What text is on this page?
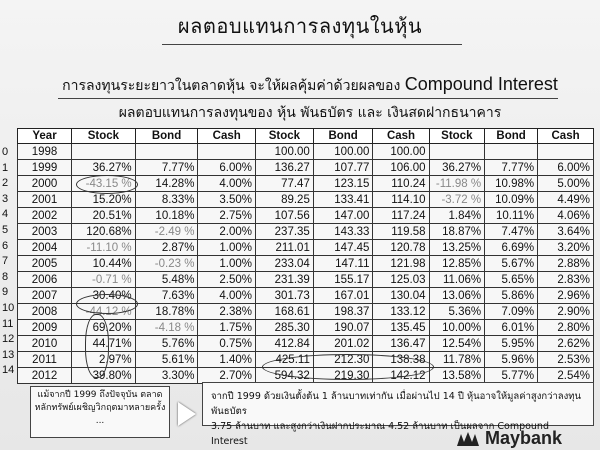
ผลตอบแทนการลงทุนในหุ้น
การลงทุนระยะยาวในตลาดหุ้น จะให้ผลคุ้มค่าด้วยผลของ Compound Interest
ผลตอบแทนการลงทุนของ หุ้น พันธบัตร และ เงินสดฝากธนาคาร
Year	Stock	Bond	Cash	Stock	Bond	Cash	Stock	Bond	Cash
1998				100.00	100.00	100.00			
1999	36.27%	7.77%	6.00%	136.27	107.77	106.00	36.27%	7.77%	6.00%
2000	-43.15 %	14.28%	4.00%	77.47	123.15	110.24	-11.98 %	10.98%	5.00%
2001	15.20%	8.33%	3.50%	89.25	133.41	114.10	-3.72 %	10.09%	4.49%
2002	20.51%	10.18%	2.75%	107.56	147.00	117.24	1.84%	10.11%	4.06%
2003	120.68%	-2.49 %	2.00%	237.35	143.33	119.58	18.87%	7.47%	3.64%
2004	-11.10 %	2.87%	1.00%	211.01	147.45	120.78	13.25%	6.69%	3.20%
2005	10.44%	-0.23 %	1.00%	233.04	147.11	121.98	12.85%	5.67%	2.88%
2006	-0.71 %	5.48%	2.50%	231.39	155.17	125.03	11.06%	5.65%	2.83%
2007	30.40%	7.63%	4.00%	301.73	167.01	130.04	13.06%	5.86%	2.96%
2008	-44.12 %	18.78%	2.38%	168.61	198.37	133.12	5.36%	7.09%	2.90%
2009	69.20%	-4.18 %	1.75%	285.30	190.07	135.45	10.00%	6.01%	2.80%
2010	44.71%	5.76%	0.75%	412.84	201.02	136.47	12.54%	5.95%	2.62%
2011	2.97%	5.61%	1.40%	425.11	212.30	138.38	11.78%	5.96%	2.53%
2012	39.80%	3.30%	2.70%	594.32	219.30	142.12	13.58%	5.77%	2.54%
0
1
2
3
4
5
6
7
8
9
10
11
12
13
14
แม้จากปี 1999 ถึงปัจจุบัน ตลาด
หลักทรัพย์เผชิญวิกฤตมาหลายครั้ง
...
จากปี 1999 ด้วยเงินตั้งต้น 1 ล้านบาทเท่ากัน เมื่อผ่านไป 14 ปี หุ้นอาจให้มูลค่าสูงกว่าลงทุนพันธบัตร
3.75 ล้านบาท และสูงกว่าเงินฝากประมาณ 4.52 ล้านบาท เป็นผลจาก Compound Interest	Maybank
